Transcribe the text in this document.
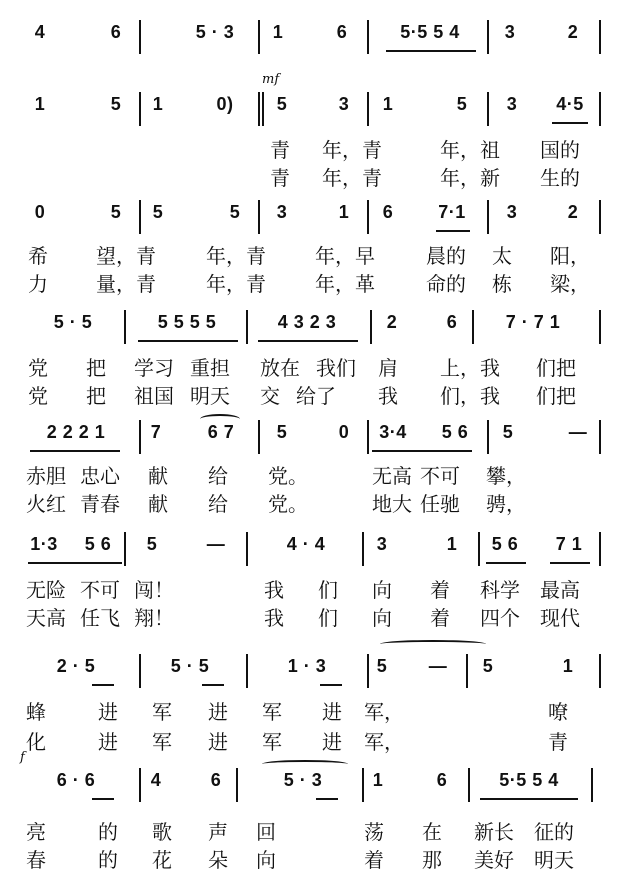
4	6	5 · 3	1	6	5·5 5 4	3	2
mf
1	5	1	0)	5	3	1	5	3	4·5
青 年，青	年，祖 国的
青 年，青	年，新 生的
0	5	5	5	3	1	6	7·1	3	2
希 望，青	年，青 年，早	晨的 太 阳，
力 量，青	年，青 年，革	命的 栋 梁，
5 · 5	5 5 5 5	4 3 2 3	2	6	7 · 7 1
党 把 学习 重担 放在 我们 肩 上，我 们把
党 把 祖国 明天 交 给了 我 们，我 们把
2 2 2 1	7	6 7	5	0	3·4	5 6	5	—
赤胆 忠心 献 给 党。	无高 不可 攀，
火红 青春 献 给 党。	地大 任驰 骋，
1·3	5 6	5	—	4 · 4	3	1	5 6	7 1
无险 不可 闯！	我 们 向 着 科学 最高
天高 任飞 翔！	我 们 向 着 四个 现代
2 · 5	5 · 5	1 · 3	5	—	5	1
蜂	进 军 进 军 进 军，	嘹
化	进 军 进 军 进 军，	青
f
6 · 6	4	6	5 · 3	1	6	5·5 5 4
亮	的 歌 声 回	荡 在 新长 征的
春	的 花 朵 向	着 那 美好 明天
